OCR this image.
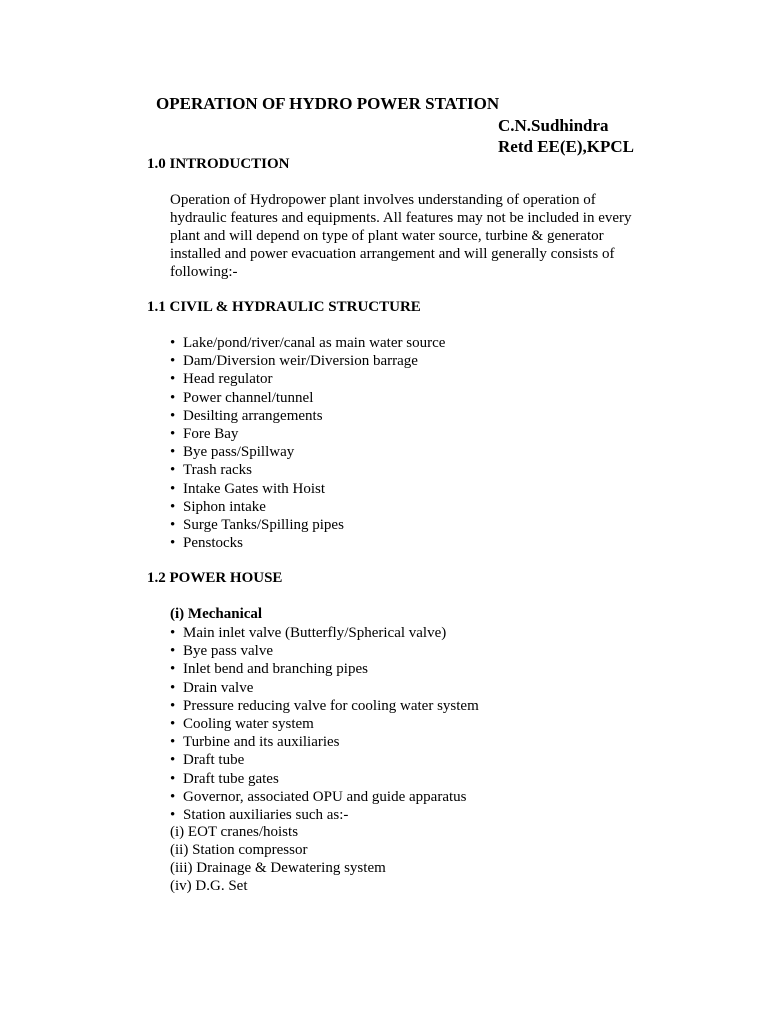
OPERATION OF HYDRO POWER STATION
C.N.Sudhindra
Retd EE(E),KPCL
1.0 INTRODUCTION
Operation of Hydropower plant involves understanding of operation of
hydraulic features and equipments. All features may not be included in every
plant and will depend on type of plant water source, turbine & generator
installed and power evacuation arrangement and will generally consists of
following:-
1.1 CIVIL & HYDRAULIC STRUCTURE
• Lake/pond/river/canal as main water source
• Dam/Diversion weir/Diversion barrage
• Head regulator
• Power channel/tunnel
• Desilting arrangements
• Fore Bay
• Bye pass/Spillway
• Trash racks
• Intake Gates with Hoist
• Siphon intake
• Surge Tanks/Spilling pipes
• Penstocks
1.2 POWER HOUSE
(i) Mechanical
• Main inlet valve (Butterfly/Spherical valve)
• Bye pass valve
• Inlet bend and branching pipes
• Drain valve
• Pressure reducing valve for cooling water system
• Cooling water system
• Turbine and its auxiliaries
• Draft tube
• Draft tube gates
• Governor, associated OPU and guide apparatus
• Station auxiliaries such as:-
(i) EOT cranes/hoists
(ii) Station compressor
(iii) Drainage & Dewatering system
(iv) D.G. Set
